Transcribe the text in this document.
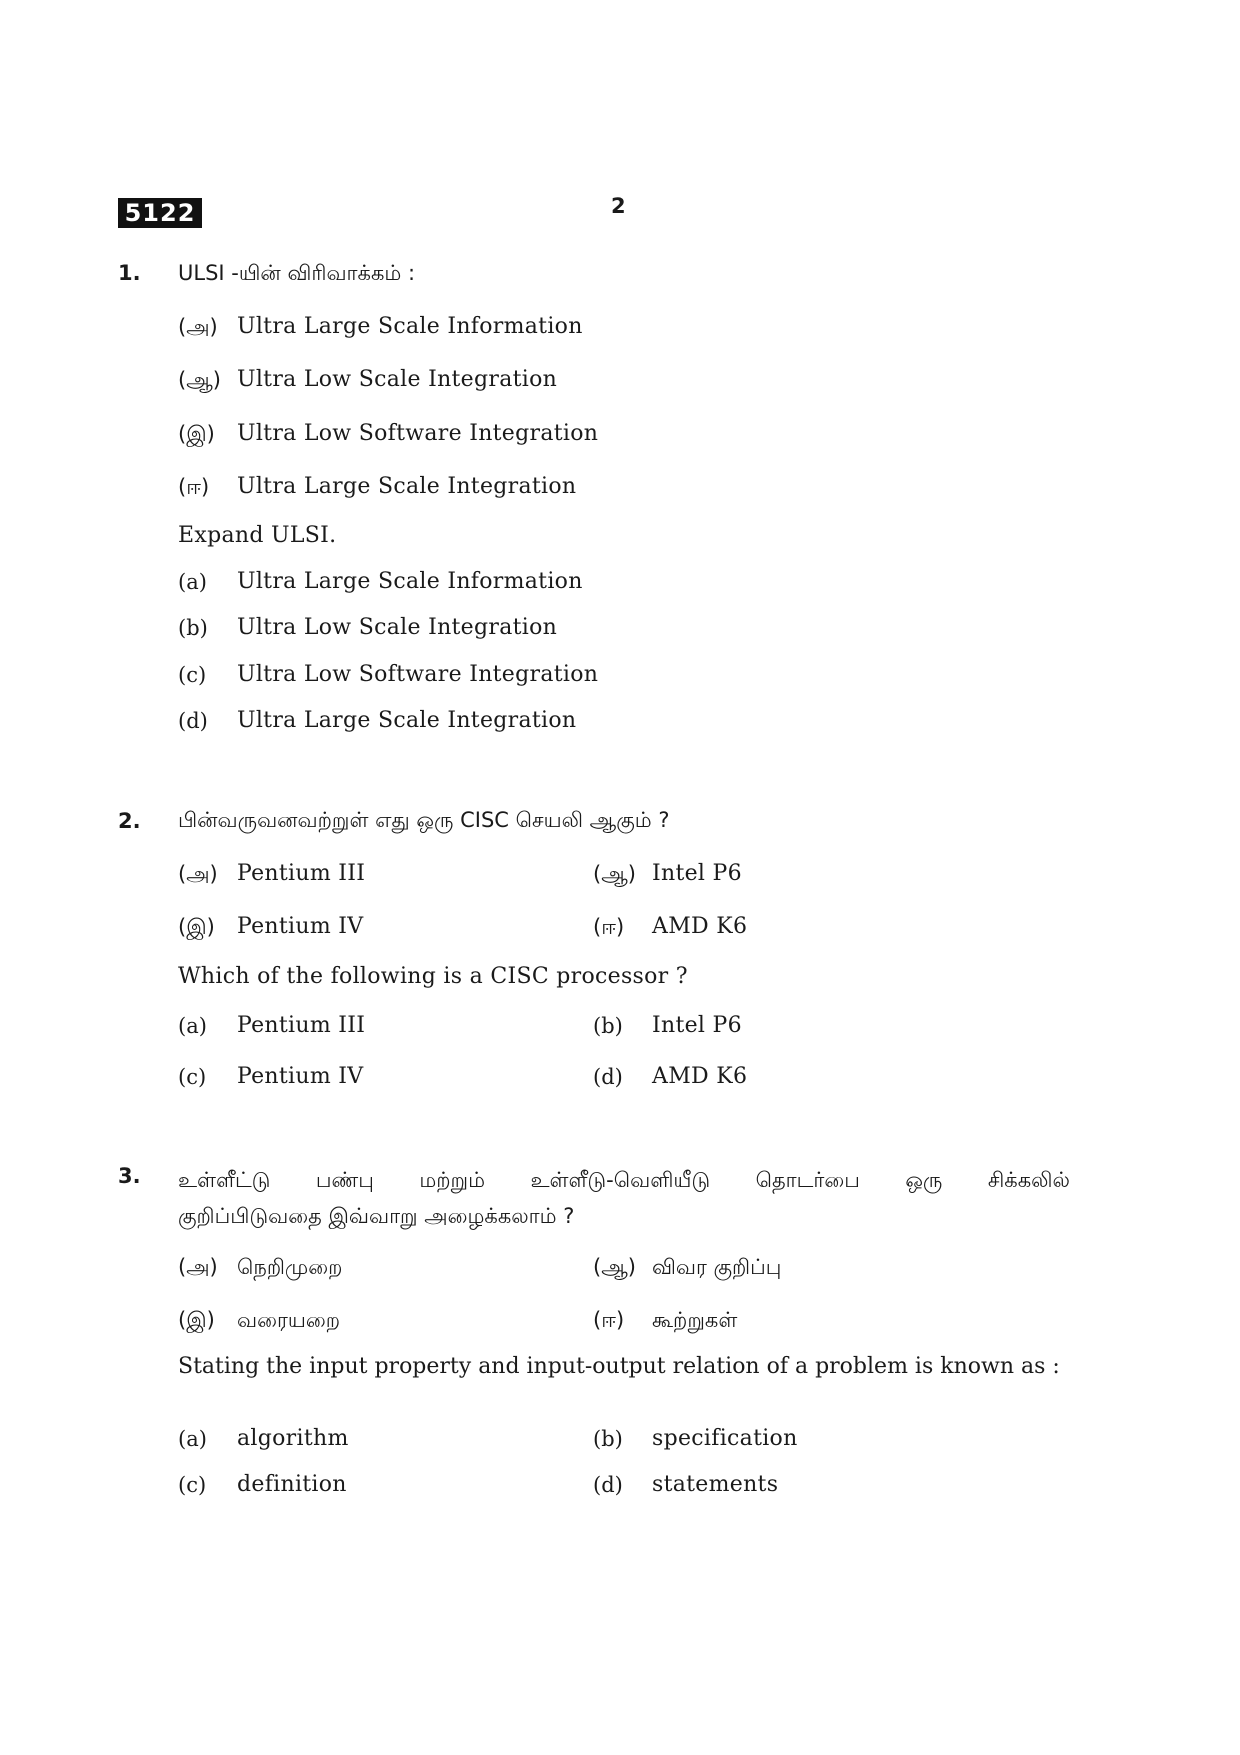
5122	2
1. ULSI -யின் விரிவாக்கம் :
(அ) Ultra Large Scale Information
(ஆ) Ultra Low Scale Integration
(இ) Ultra Low Software Integration
(ஈ) Ultra Large Scale Integration
Expand ULSI.
(a) Ultra Large Scale Information
(b) Ultra Low Scale Integration
(c) Ultra Low Software Integration
(d) Ultra Large Scale Integration
2. பின்வருவனவற்றுள் எது ஒரு CISC செயலி ஆகும் ?
(அ) Pentium III	(ஆ) Intel P6
(இ) Pentium IV	(ஈ) AMD K6
Which of the following is a CISC processor ?
(a) Pentium III	(b) Intel P6
(c) Pentium IV	(d) AMD K6
3. உள்ளீட்டு பண்பு மற்றும் உள்ளீடு-வெளியீடு தொடர்பை ஒரு சிக்கலில்
குறிப்பிடுவதை இவ்வாறு அழைக்கலாம் ?
(அ) நெறிமுறை	(ஆ) விவர குறிப்பு
(இ) வரையறை	(ஈ) கூற்றுகள்
Stating the input property and input-output relation of a problem is known as :
(a) algorithm	(b) specification
(c) definition	(d) statements
